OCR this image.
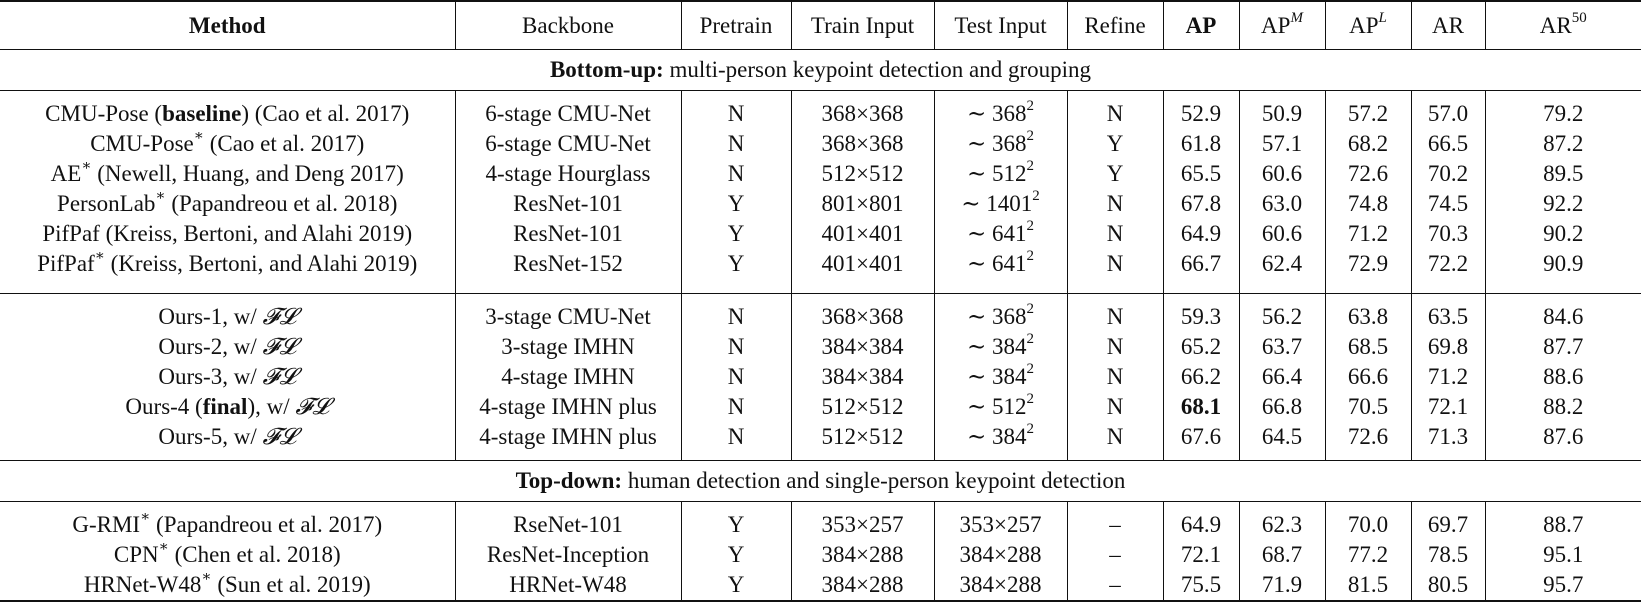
Method	Backbone	Pretrain	Train Input	Test Input	Refine	AP	$AP^M$	$AP^L$	AR	AR$^{50}$
Bottom-up: multi-person keypoint detection and grouping										

CMU-Pose (baseline) (Cao et al. 2017)	6-stage CMU-Net	N	368×368	∼ $368^2$	N	52.9	50.9	57.2	57.0	79.2
CMU-Pose∗ (Cao et al. 2017)	6-stage CMU-Net	N	368×368	∼ $368^2$	Y	61.8	57.1	68.2	66.5	87.2
AE∗ (Newell, Huang, and Deng 2017)	4-stage Hourglass	N	512×512	∼ $512^2$	Y	65.5	60.6	72.6	70.2	89.5
PersonLab∗ (Papandreou et al. 2018)	ResNet-101	Y	801×801	∼ 1401$^2$	N	67.8	63.0	74.8	74.5	92.2
PifPaf (Kreiss, Bertoni, and Alahi 2019)	ResNet-101	Y	401×401	∼ $641^2$	N	64.9	60.6	71.2	70.3	90.2
PifPaf∗ (Kreiss, Bertoni, and Alahi 2019)	ResNet-152	Y	401×401	∼ $641^2$	N	66.7	62.4	72.9	72.2	90.9

Ours-1, w/ 𝓕𝓛	3-stage CMU-Net	N	368×368	∼ $368^2$	N	59.3	56.2	63.8	63.5	84.6
Ours-2, w/ 𝓕𝓛	3-stage IMHN	N	384×384	∼ $384^2$	N	65.2	63.7	68.5	69.8	87.7
Ours-3, w/ 𝓕𝓛	4-stage IMHN	N	384×384	∼ $384^2$	N	66.2	66.4	66.6	71.2	88.6
Ours-4 (final), w/ 𝓕𝓛	4-stage IMHN plus	N	512×512	∼ $512^2$	N	68.1	66.8	70.5	72.1	88.2
Ours-5, w/ 𝓕𝓛	4-stage IMHN plus	N	512×512	∼ $384^2$	N	67.6	64.5	72.6	71.3	87.6

Top-down: human detection and single-person keypoint detection										

G-RMI∗ (Papandreou et al. 2017)	RseNet-101	Y	353×257	353×257	–	64.9	62.3	70.0	69.7	88.7
CPN∗ (Chen et al. 2018)	ResNet-Inception	Y	384×288	384×288	–	72.1	68.7	77.2	78.5	95.1
HRNet-W48∗ (Sun et al. 2019)	HRNet-W48	Y	384×288	384×288	–	75.5	71.9	81.5	80.5	95.7
